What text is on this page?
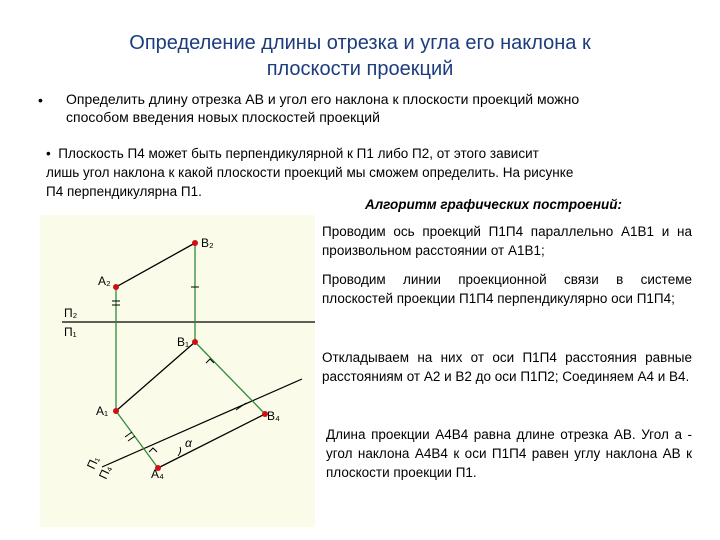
Определение длины отрезка и угла его наклона к
плоскости проекций
• Определить длину отрезка AB и угол его наклона к плоскости проекций можно
способом введения новых плоскостей проекций
• Плоскость П4 может быть перпендикулярной к П1 либо П2, от этого зависит
лишь угол наклона к какой плоскости проекций мы сможем определить. На рисунке
П4 перпендикулярна П1.
Алгоритм графических построений:
Проводим ось проекций П1П4 параллельно А1В1 и на произвольном расстоянии от А1В1;
Проводим линии проекционной связи в системе плоскостей проекции П1П4 перпендикулярно оси П1П4;
Откладываем на них от оси П1П4 расстояния равные расстояниям от А2 и В2 до оси П1П2; Соединяем А4 и В4.
Длина проекции А4В4 равна длине отрезка АВ. Угол a - угол наклона А4В4 к оси П1П4 равен углу наклона АВ к плоскости проекции П1.
B₂
A₂
П₂
П₁
B₁
A₁	B₄
A₄
α
П₁
П₄
